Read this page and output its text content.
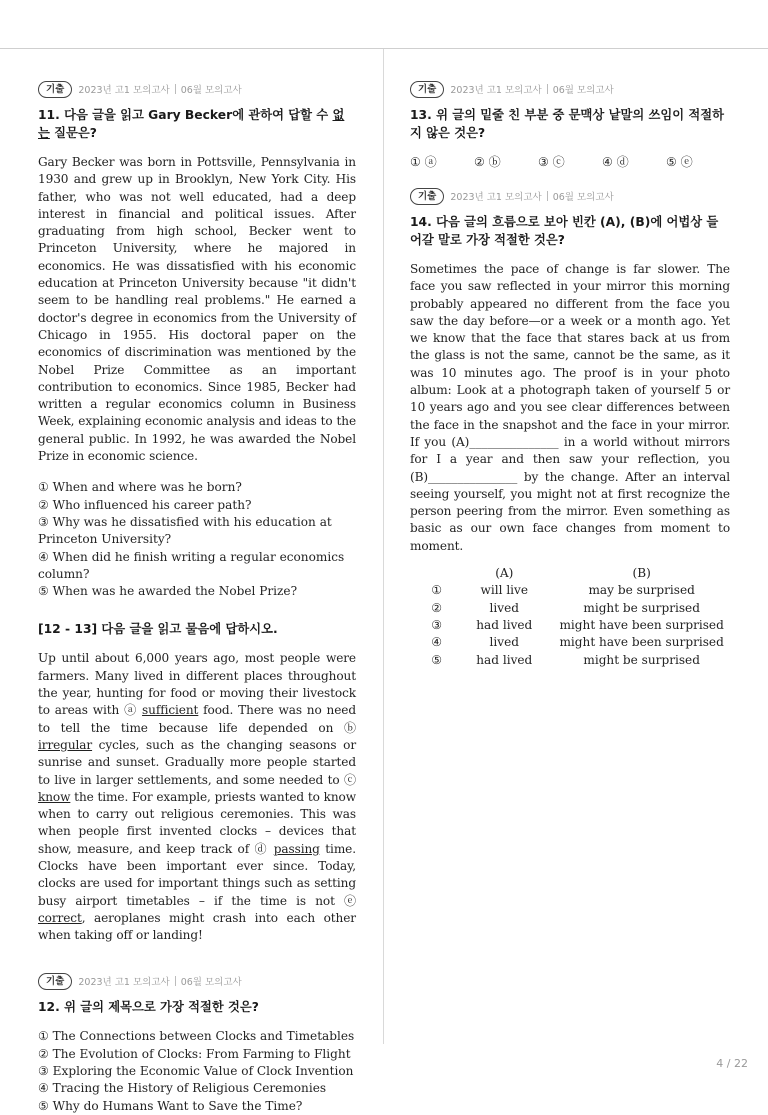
기출	2023년 고1 모의고사 06월 모의고사

11. 다음 글을 읽고 Gary Becker에 관하여 답할 수 없는 질문은?

Gary Becker was born in Pottsville, Pennsylvania in 1930 and grew up in Brooklyn, New York City. His father, who was not well educated, had a deep interest in financial and political issues. After graduating from high school, Becker went to Princeton University, where he majored in economics. He was dissatisfied with his economic education at Princeton University because "it didn't seem to be handling real problems." He earned a doctor's degree in economics from the University of Chicago in 1955. His doctoral paper on the economics of discrimination was mentioned by the Nobel Prize Committee as an important contribution to economics. Since 1985, Becker had written a regular economics column in Business Week, explaining economic analysis and ideas to the general public. In 1992, he was awarded the Nobel Prize in economic science.

① When and where was he born?
② Who influenced his career path?
③ Why was he dissatisfied with his education at Princeton University?
④ When did he finish writing a regular economics column?
⑤ When was he awarded the Nobel Prize?

[12 - 13] 다음 글을 읽고 물음에 답하시오.

Up until about 6,000 years ago, most people were farmers. Many lived in different places throughout the year, hunting for food or moving their livestock to areas with ⓐ sufficient food. There was no need to tell the time because life depended on ⓑ irregular cycles, such as the changing seasons or sunrise and sunset. Gradually more people started to live in larger settlements, and some needed to ⓒ know the time. For example, priests wanted to know when to carry out religious ceremonies. This was when people first invented clocks – devices that show, measure, and keep track of ⓓ passing time. Clocks have been important ever since. Today, clocks are used for important things such as setting busy airport timetables – if the time is not ⓔ correct, aeroplanes might crash into each other when taking off or landing!

기출	2023년 고1 모의고사 06월 모의고사

12. 위 글의 제목으로 가장 적절한 것은?

① The Connections between Clocks and Timetables
② The Evolution of Clocks: From Farming to Flight
③ Exploring the Economic Value of Clock Invention
④ Tracing the History of Religious Ceremonies
⑤ Why do Humans Want to Save the Time?
기출	2023년 고1 모의고사 06월 모의고사

13. 위 글의 밑줄 친 부분 중 문맥상 낱말의 쓰임이 적절하지 않은 것은?

① ⓐ	② ⓑ	③ ⓒ	④ ⓓ	⑤ ⓔ
기출	2023년 고1 모의고사 06월 모의고사

14. 다음 글의 흐름으로 보아 빈칸 (A), (B)에 어법상 들어갈 말로 가장 적절한 것은?

Sometimes the pace of change is far slower. The face you saw reflected in your mirror this morning probably appeared no different from the face you saw the day before—or a week or a month ago. Yet we know that the face that stares back at us from the glass is not the same, cannot be the same, as it was 10 minutes ago. The proof is in your photo album: Look at a photograph taken of yourself 5 or 10 years ago and you see clear differences between the face in the snapshot and the face in your mirror. If you (A)_______________ in a world without mirrors for I a year and then saw your reflection, you (B)_______________ by the change. After an interval seeing yourself, you might not at first recognize the person peering from the mirror. Even something as basic as our own face changes from moment to moment.

	(A)	(B)
①	will live	may be surprised
②	lived	might be surprised
③	had lived	might have been surprised
④	lived	might have been surprised
⑤	had lived	might be surprised
4 / 22
